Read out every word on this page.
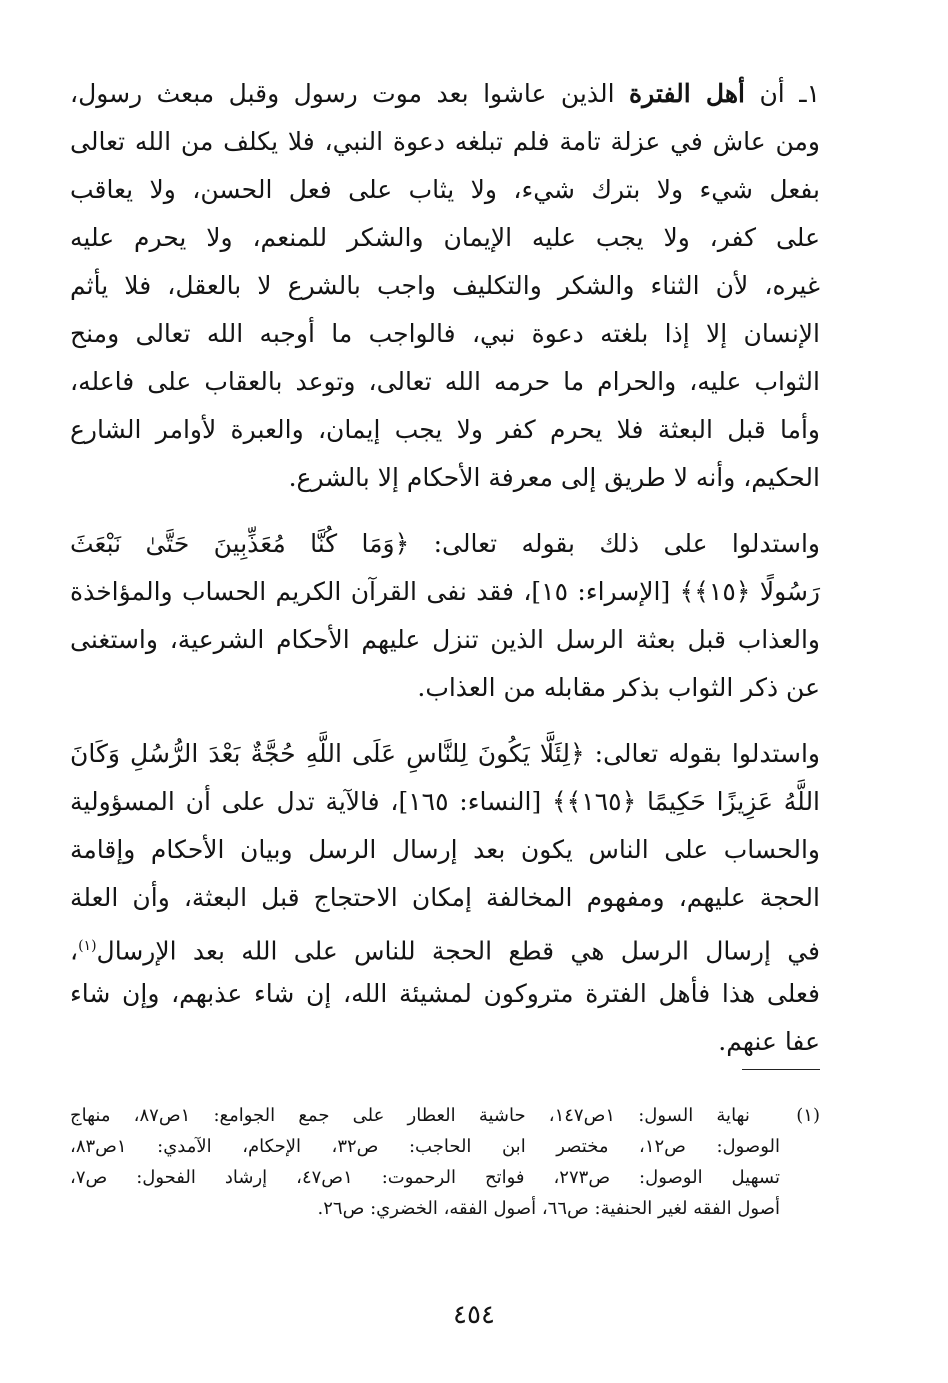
١ـ أن أهل الفترة الذين عاشوا بعد موت رسول وقبل مبعث رسول،
ومن عاش في عزلة تامة فلم تبلغه دعوة النبي، فلا يكلف من الله تعالى
بفعل شيء ولا بترك شيء، ولا يثاب على فعل الحسن، ولا يعاقب
على كفر، ولا يجب عليه الإيمان والشكر للمنعم، ولا يحرم عليه
غيره، لأن الثناء والشكر والتكليف واجب بالشرع لا بالعقل، فلا يأثم
الإنسان إلا إذا بلغته دعوة نبي، فالواجب ما أوجبه الله تعالى ومنح
الثواب عليه، والحرام ما حرمه الله تعالى، وتوعد بالعقاب على فاعله،
وأما قبل البعثة فلا يحرم كفر ولا يجب إيمان، والعبرة لأوامر الشارع
الحكيم، وأنه لا طريق إلى معرفة الأحكام إلا بالشرع.
واستدلوا على ذلك بقوله تعالى: ﴿وَمَا كُنَّا مُعَذِّبِينَ حَتَّىٰ نَبْعَثَ
رَسُولًا ﴿١٥﴾﴾ [الإسراء: ١٥]، فقد نفى القرآن الكريم الحساب والمؤاخذة
والعذاب قبل بعثة الرسل الذين تنزل عليهم الأحكام الشرعية، واستغنى
عن ذكر الثواب بذكر مقابله من العذاب.
واستدلوا بقوله تعالى: ﴿لِئَلَّا يَكُونَ لِلنَّاسِ عَلَى اللَّهِ حُجَّةٌ بَعْدَ الرُّسُلِ وَكَانَ
اللَّهُ عَزِيزًا حَكِيمًا ﴿١٦٥﴾﴾ [النساء: ١٦٥]، فالآية تدل على أن المسؤولية
والحساب على الناس يكون بعد إرسال الرسل وبيان الأحكام وإقامة
الحجة عليهم، ومفهوم المخالفة إمكان الاحتجاج قبل البعثة، وأن العلة
في إرسال الرسل هي قطع الحجة للناس على الله بعد الإرسال$^{(١)}$،
فعلى هذا فأهل الفترة متروكون لمشيئة الله، إن شاء عذبهم، وإن شاء
عفا عنهم.
(١)  نهاية السول: ١ص١٤٧، حاشية العطار على جمع الجوامع: ١ص٨٧، منهاج
الوصول: ص١٢، مختصر ابن الحاجب: ص٣٢، الإحكام، الآمدي: ١ص٨٣،
تسهيل الوصول: ص٢٧٣، فواتح الرحموت: ١ص٤٧، إرشاد الفحول: ص٧،
أصول الفقه لغير الحنفية: ص٦٦، أصول الفقه، الخضري: ص٢٦.
٤٥٤
